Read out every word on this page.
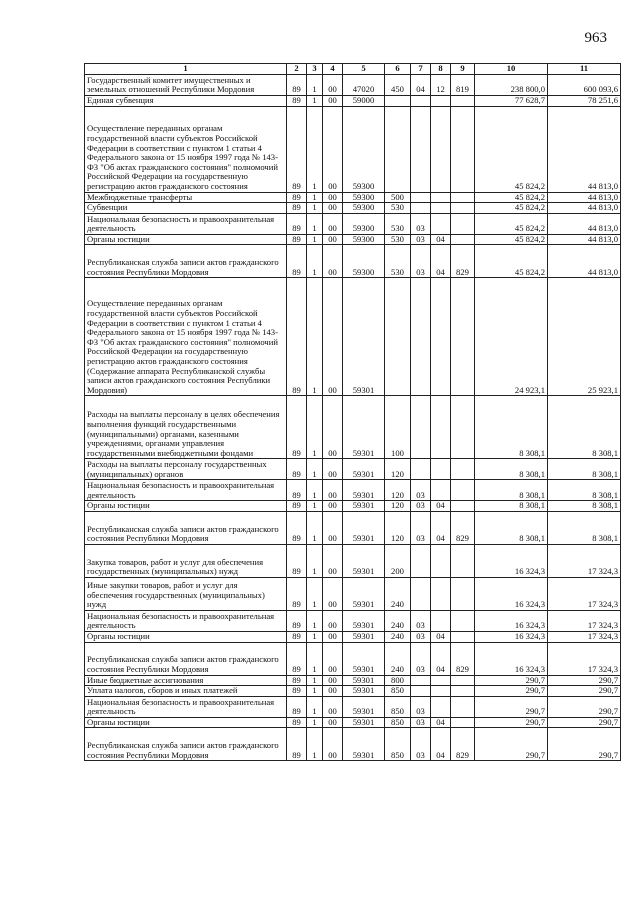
963
1	2	3	4	5	6	7	8	9	10	11
Государственный комитет имущественных и земельных отношений Республики Мордовия	89	1	00	47020	450	04	12	819	238 800,0	600 093,6
Единая субвенция	89	1	00	59000					77 628,7	78 251,6
Осуществление переданных органам государственной власти субъектов Российской Федерации в соответствии с пунктом 1 статьи 4 Федерального закона от 15 ноября 1997 года № 143-ФЗ "Об актах гражданского состояния" полномочий Российской Федерации на государственную регистрацию актов гражданского состояния	89	1	00	59300					45 824,2	44 813,0
Межбюджетные трансферты	89	1	00	59300	500				45 824,2	44 813,0
Субвенции	89	1	00	59300	530				45 824,2	44 813,0
Национальная безопасность и правоохранительная деятельность	89	1	00	59300	530	03			45 824,2	44 813,0
Органы юстиции	89	1	00	59300	530	03	04		45 824,2	44 813,0
Республиканская служба записи актов гражданского состояния Республики Мордовия	89	1	00	59300	530	03	04	829	45 824,2	44 813,0
Осуществление переданных органам государственной власти субъектов Российской Федерации в соответствии с пунктом 1 статьи 4 Федерального закона от 15 ноября 1997 года № 143-ФЗ "Об актах гражданского состояния" полномочий Российской Федерации на государственную регистрацию актов гражданского состояния (Содержание аппарата Республиканской службы записи актов гражданского состояния Республики Мордовия)	89	1	00	59301					24 923,1	25 923,1
Расходы на выплаты персоналу в целях обеспечения выполнения функций государственными (муниципальными) органами, казенными учреждениями, органами управления государственными внебюджетными фондами	89	1	00	59301	100				8 308,1	8 308,1
Расходы на выплаты персоналу государственных (муниципальных) органов	89	1	00	59301	120				8 308,1	8 308,1
Национальная безопасность и правоохранительная деятельность	89	1	00	59301	120	03			8 308,1	8 308,1
Органы юстиции	89	1	00	59301	120	03	04		8 308,1	8 308,1
Республиканская служба записи актов гражданского состояния Республики Мордовия	89	1	00	59301	120	03	04	829	8 308,1	8 308,1
Закупка товаров, работ и услуг для обеспечения государственных (муниципальных) нужд	89	1	00	59301	200				16 324,3	17 324,3
Иные закупки товаров, работ и услуг для обеспечения государственных (муниципальных) нужд	89	1	00	59301	240				16 324,3	17 324,3
Национальная безопасность и правоохранительная деятельность	89	1	00	59301	240	03			16 324,3	17 324,3
Органы юстиции	89	1	00	59301	240	03	04		16 324,3	17 324,3
Республиканская служба записи актов гражданского состояния Республики Мордовия	89	1	00	59301	240	03	04	829	16 324,3	17 324,3
Иные бюджетные ассигнования	89	1	00	59301	800				290,7	290,7
Уплата налогов, сборов и иных платежей	89	1	00	59301	850				290,7	290,7
Национальная безопасность и правоохранительная деятельность	89	1	00	59301	850	03			290,7	290,7
Органы юстиции	89	1	00	59301	850	03	04		290,7	290,7
Республиканская служба записи актов гражданского состояния Республики Мордовия	89	1	00	59301	850	03	04	829	290,7	290,7
